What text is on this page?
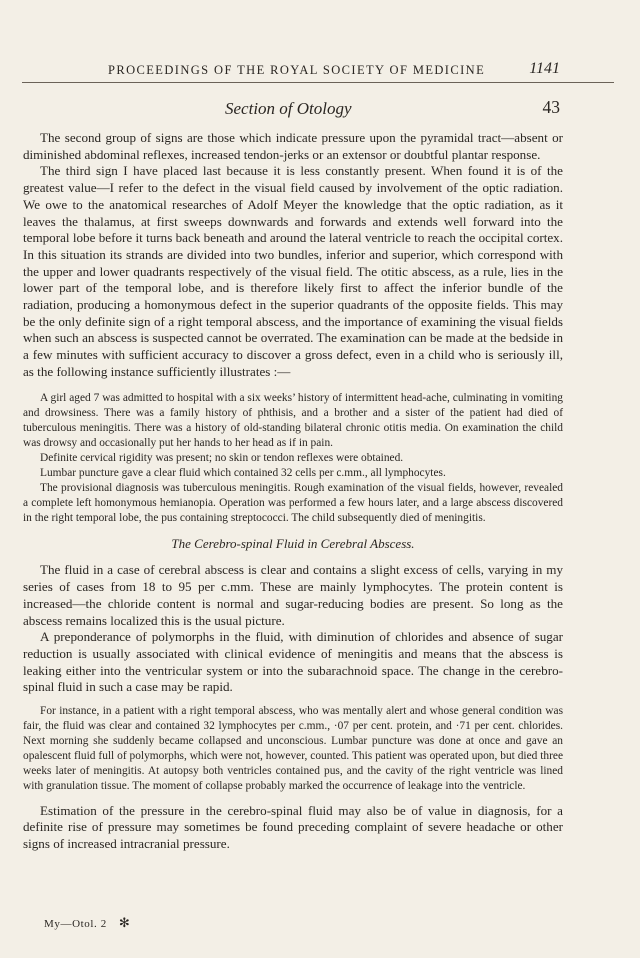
PROCEEDINGS OF THE ROYAL SOCIETY OF MEDICINE	1141
Section of Otology	43

The second group of signs are those which indicate pressure upon the pyramidal tract—absent or diminished abdominal reflexes, increased tendon-jerks or an extensor or doubtful plantar response.

The third sign I have placed last because it is less constantly present. When found it is of the greatest value—I refer to the defect in the visual field caused by involvement of the optic radiation. We owe to the anatomical researches of Adolf Meyer the knowledge that the optic radiation, as it leaves the thalamus, at first sweeps downwards and forwards and extends well forward into the temporal lobe before it turns back beneath and around the lateral ventricle to reach the occipital cortex. In this situation its strands are divided into two bundles, inferior and superior, which correspond with the upper and lower quadrants respectively of the visual field. The otitic abscess, as a rule, lies in the lower part of the temporal lobe, and is therefore likely first to affect the inferior bundle of the radiation, producing a homonymous defect in the superior quadrants of the opposite fields. This may be the only definite sign of a right temporal abscess, and the importance of examining the visual fields when such an abscess is suspected cannot be overrated. The examination can be made at the bedside in a few minutes with sufficient accuracy to discover a gross defect, even in a child who is seriously ill, as the following instance sufficiently illustrates :—

A girl aged 7 was admitted to hospital with a six weeks’ history of intermittent head-ache, culminating in vomiting and drowsiness. There was a family history of phthisis, and a brother and a sister of the patient had died of tuberculous meningitis. There was a history of old-standing bilateral chronic otitis media. On examination the child was drowsy and occasionally put her hands to her head as if in pain.

Definite cervical rigidity was present; no skin or tendon reflexes were obtained.

Lumbar puncture gave a clear fluid which contained 32 cells per c.mm., all lymphocytes.

The provisional diagnosis was tuberculous meningitis. Rough examination of the visual fields, however, revealed a complete left homonymous hemianopia. Operation was performed a few hours later, and a large abscess discovered in the right temporal lobe, the pus containing streptococci. The child subsequently died of meningitis.

The Cerebro-spinal Fluid in Cerebral Abscess.

The fluid in a case of cerebral abscess is clear and contains a slight excess of cells, varying in my series of cases from 18 to 95 per c.mm. These are mainly lymphocytes. The protein content is increased—the chloride content is normal and sugar-reducing bodies are present. So long as the abscess remains localized this is the usual picture.

A preponderance of polymorphs in the fluid, with diminution of chlorides and absence of sugar reduction is usually associated with clinical evidence of meningitis and means that the abscess is leaking either into the ventricular system or into the subarachnoid space. The change in the cerebro-spinal fluid in such a case may be rapid.

For instance, in a patient with a right temporal abscess, who was mentally alert and whose general condition was fair, the fluid was clear and contained 32 lymphocytes per c.mm., ·07 per cent. protein, and ·71 per cent. chlorides. Next morning she suddenly became collapsed and unconscious. Lumbar puncture was done at once and gave an opalescent fluid full of polymorphs, which were not, however, counted. This patient was operated upon, but died three weeks later of meningitis. At autopsy both ventricles contained pus, and the cavity of the right ventricle was lined with granulation tissue. The moment of collapse probably marked the occurrence of leakage into the ventricle.

Estimation of the pressure in the cerebro-spinal fluid may also be of value in diagnosis, for a definite rise of pressure may sometimes be found preceding complaint of severe headache or other signs of increased intracranial pressure.

My—Otol. 2 ✻
